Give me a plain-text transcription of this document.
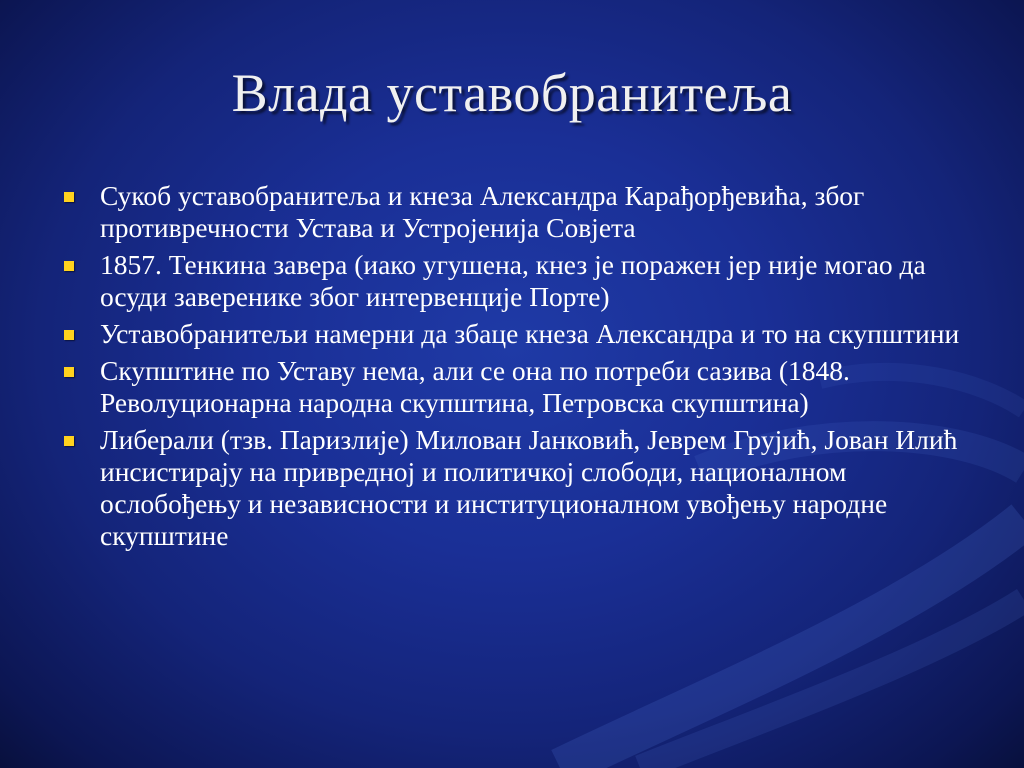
Влада уставобранитеља
Сукоб уставобранитеља и кнеза Александра Карађорђевића, због противречности Устава и Устројенија Совјета
1857. Тенкина завера (иако угушена, кнез је поражен јер није могао да осуди заверенике због интервенције Порте)
Уставобранитељи намерни да збаце кнеза Александра и то на скупштини
Скупштине по Уставу нема, али се она по потреби сазива (1848. Револуционарна народна скупштина, Петровска скупштина)
Либерали (тзв. Паризлије) Милован Јанковић, Јеврем Грујић, Јован Илић инсистирају на привредној и политичкој слободи, националном ослобођењу и независности и институционалном увођењу народне скупштине
